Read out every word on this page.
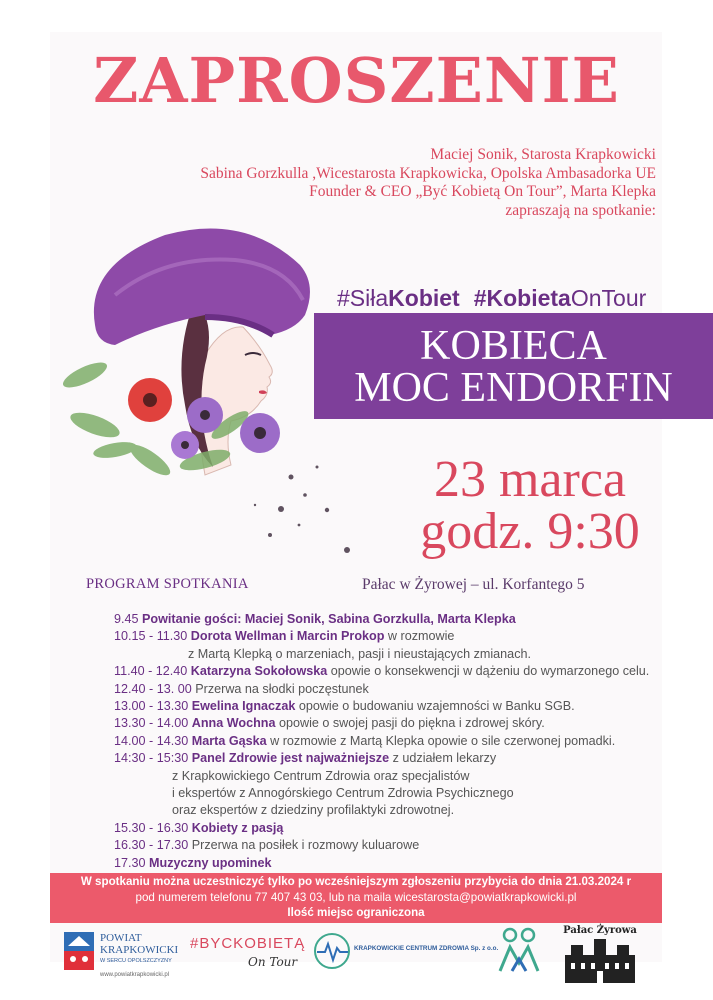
ZAPROSZENIE
Maciej Sonik, Starosta Krapkowicki
Sabina Gorzkulla ,Wicestarosta Krapkowicka, Opolska Ambasadorka UE
Founder & CEO „Być Kobietą On Tour”, Marta Klepka
zapraszają na spotkanie:
#SiłaKobiet #KobietaOnTour
KOBIECA
MOC ENDORFIN
23 marca
godz. 9:30
PROGRAM SPOTKANIA	Pałac w Żyrowej – ul. Korfantego 5
9.45 Powitanie gości: Maciej Sonik, Sabina Gorzkulla, Marta Klepka
10.15 - 11.30 Dorota Wellman i Marcin Prokop w rozmowie
z Martą Klepką o marzeniach, pasji i nieustających zmianach.
11.40 - 12.40 Katarzyna Sokołowska opowie o konsekwencji w dążeniu do wymarzonego celu.
12.40 - 13. 00 Przerwa na słodki poczęstunek
13.00 - 13.30 Ewelina Ignaczak opowie o budowaniu wzajemności w Banku SGB.
13.30 - 14.00 Anna Wochna opowie o swojej pasji do piękna i zdrowej skóry.
14.00 - 14.30 Marta Gąska w rozmowie z Martą Klepka opowie o sile czerwonej pomadki.
14:30 - 15:30 Panel Zdrowie jest najważniejsze z udziałem lekarzy
z Krapkowickiego Centrum Zdrowia oraz specjalistów
i ekspertów z Annogórskiego Centrum Zdrowia Psychicznego
oraz ekspertów z dziedziny profilaktyki zdrowotnej.
15.30 - 16.30 Kobiety z pasją
16.30 - 17.30 Przerwa na posiłek i rozmowy kuluarowe
17.30 Muzyczny upominek
W spotkaniu można uczestniczyć tylko po wcześniejszym zgłoszeniu przybycia do dnia 21.03.2024 r
pod numerem telefonu 77 407 43 03, lub na maila wicestarosta@powiatkrapkowicki.pl
Ilość miejsc ograniczona
POWIAT
KRAPKOWICKI
W SERCU OPOLSZCZYZNY
www.powiatkrapkowicki.pl
#BYCKOBIETĄ
On Tour
KRAPKOWICKIE CENTRUM ZDROWIA Sp. z o.o.
Pałac Żyrowa
